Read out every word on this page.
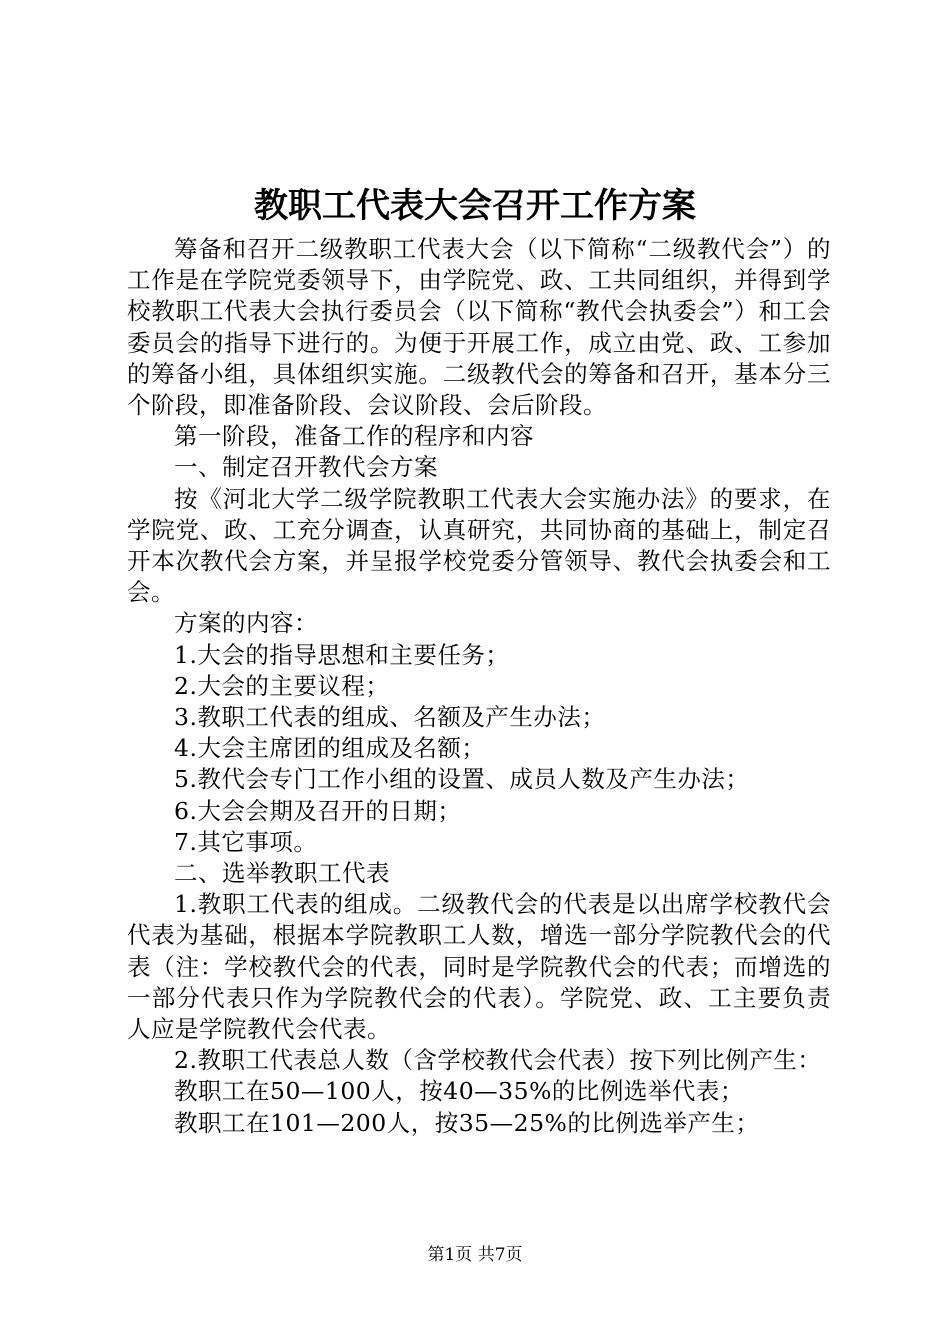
教职工代表大会召开工作方案

筹备和召开二级教职工代表大会（以下简称“二级教代会”）的工作是在学院党委领导下，由学院党、政、工共同组织，并得到学校教职工代表大会执行委员会（以下简称“教代会执委会”）和工会委员会的指导下进行的。为便于开展工作，成立由党、政、工参加的筹备小组，具体组织实施。二级教代会的筹备和召开，基本分三个阶段，即准备阶段、会议阶段、会后阶段。

第一阶段，准备工作的程序和内容

一、制定召开教代会方案

按《河北大学二级学院教职工代表大会实施办法》的要求，在学院党、政、工充分调查，认真研究，共同协商的基础上，制定召开本次教代会方案，并呈报学校党委分管领导、教代会执委会和工会。

方案的内容：

1.大会的指导思想和主要任务；

2.大会的主要议程；

3.教职工代表的组成、名额及产生办法；

4.大会主席团的组成及名额；

5.教代会专门工作小组的设置、成员人数及产生办法；

6.大会会期及召开的日期；

7.其它事项。

二、选举教职工代表

1.教职工代表的组成。二级教代会的代表是以出席学校教代会代表为基础，根据本学院教职工人数，增选一部分学院教代会的代表（注：学校教代会的代表，同时是学院教代会的代表；而增选的一部分代表只作为学院教代会的代表）。学院党、政、工主要负责人应是学院教代会代表。

2.教职工代表总人数（含学校教代会代表）按下列比例产生：

教职工在50—100人，按40—35%的比例选举代表；

教职工在101—200人，按35—25%的比例选举产生；

第1页 共7页
